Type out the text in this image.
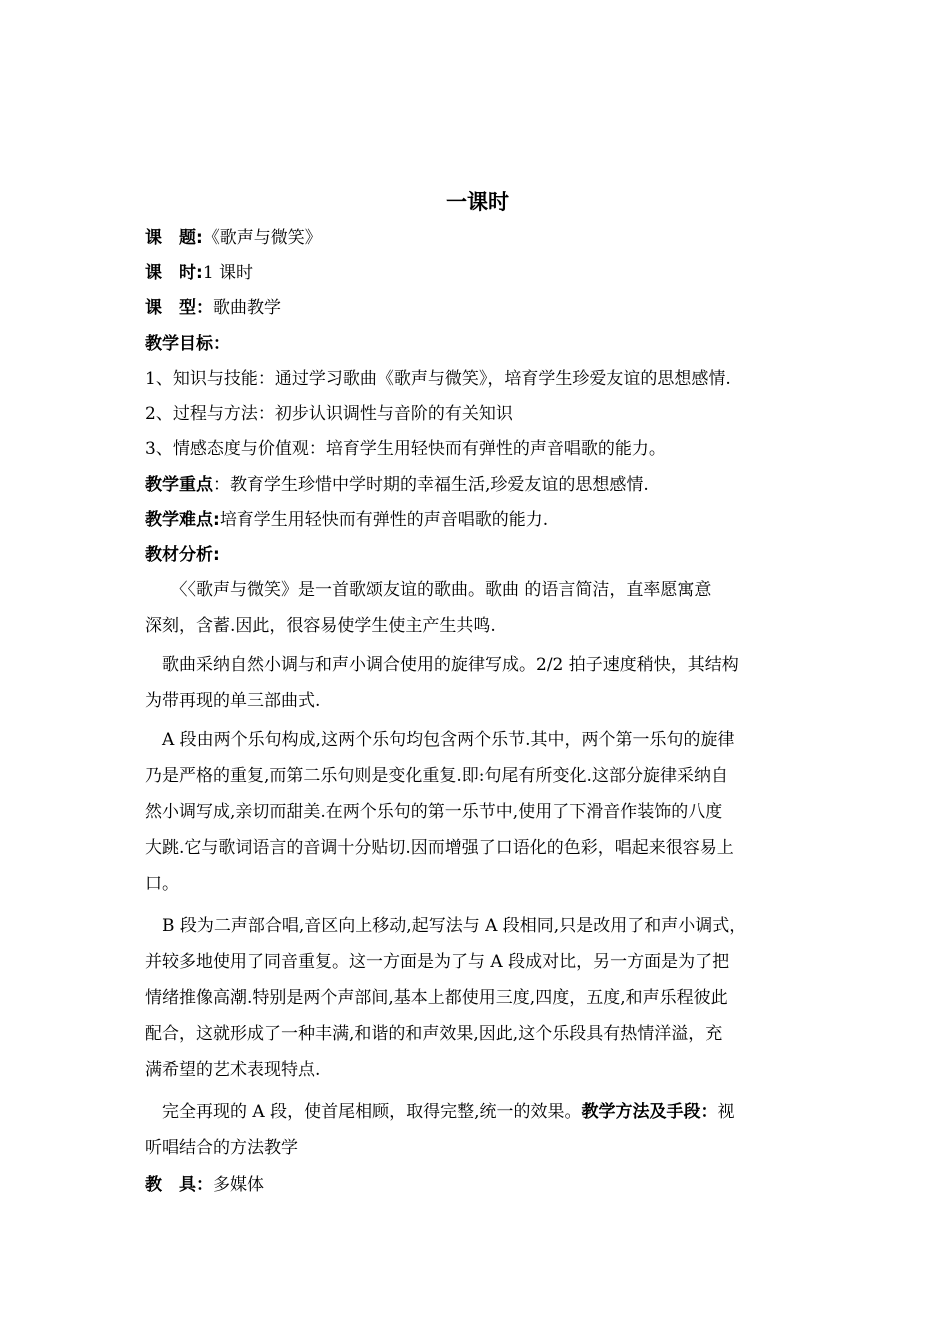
一课时
课　题:《歌声与微笑》
课　时:1 课时
课　型：歌曲教学
教学目标：
1、知识与技能：通过学习歌曲《歌声与微笑》，培育学生珍爱友谊的思想感情.
2、过程与方法：初步认识调性与音阶的有关知识
3、情感态度与价值观：培育学生用轻快而有弹性的声音唱歌的能力。
教学重点：教育学生珍惜中学时期的幸福生活,珍爱友谊的思想感情.
教学难点:培育学生用轻快而有弹性的声音唱歌的能力.
教材分析:
　　〈〈歌声与微笑》是一首歌颂友谊的歌曲。歌曲 的语言简洁，直率愿寓意
深刻，含蓄.因此，很容易使学生使主产生共鸣.
　歌曲采纳自然小调与和声小调合使用的旋律写成。2/2 拍子速度稍快，其结构
为带再现的单三部曲式.
　A 段由两个乐句构成,这两个乐句均包含两个乐节.其中，两个第一乐句的旋律
乃是严格的重复,而第二乐句则是变化重复.即:句尾有所变化.这部分旋律采纳自
然小调写成,亲切而甜美.在两个乐句的第一乐节中,使用了下滑音作装饰的八度
大跳.它与歌词语言的音调十分贴切.因而增强了口语化的色彩，唱起来很容易上
口。
　B 段为二声部合唱,音区向上移动,起写法与 A 段相同,只是改用了和声小调式，
并较多地使用了同音重复。这一方面是为了与 A 段成对比，另一方面是为了把
情绪推像高潮.特别是两个声部间,基本上都使用三度,四度，五度,和声乐程彼此
配合，这就形成了一种丰满,和谐的和声效果,因此,这个乐段具有热情洋溢，充
满希望的艺术表现特点.
　完全再现的 A 段，使首尾相顾，取得完整,统一的效果。教学方法及手段：视
听唱结合的方法教学
教　具：多媒体
